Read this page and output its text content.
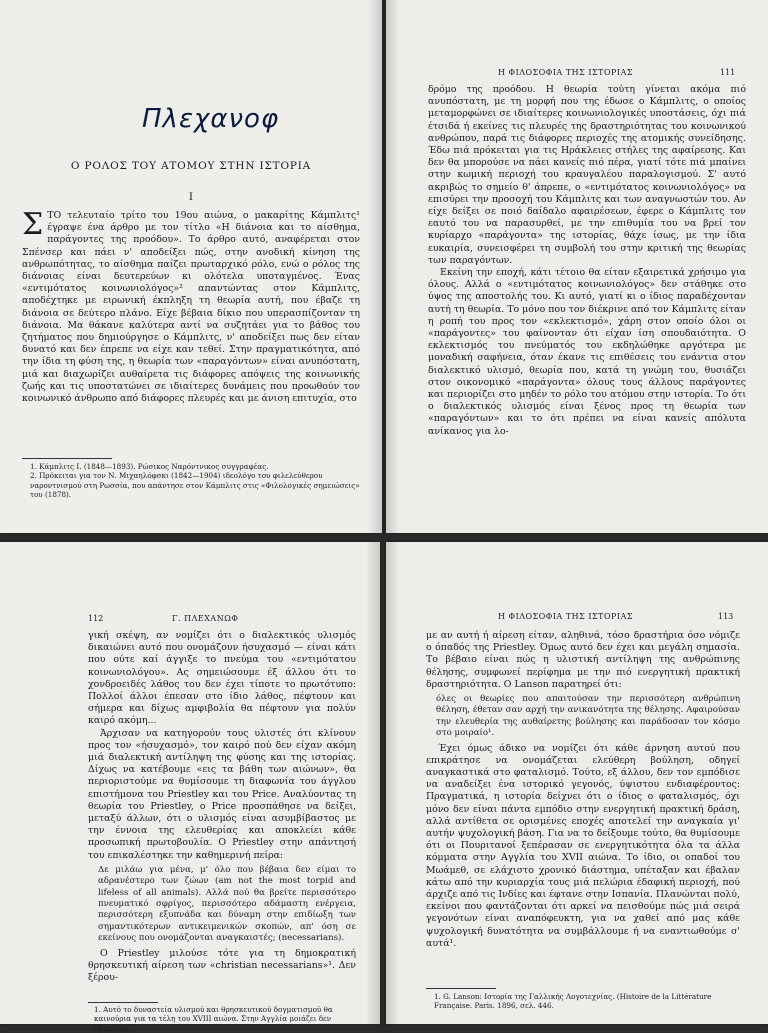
Πλεχανοφ
Ο ΡΟΛΟΣ ΤΟΥ ΑΤΟΜΟΥ ΣΤΗΝ ΙΣΤΟΡΙΑ
Ι

ΣΤΟ τελευταίο τρίτο του 19ου αιώνα, ο μακαρίτης Κάμπλιτς¹ έγραψε ένα άρθρο με τον τίτλο «Η διάνοια και το αίσθημα, παράγοντες της προόδου». Το άρθρο αυτό, αναφέρεται στον Σπένσερ και πάει ν' αποδείξει πώς, στην ανοδική κίνηση της ανθρωπότητας, το αίσθημα παίζει πρωταρχικό ρόλο, ενώ ο ρόλος της διάνοιας είναι δευτερεύων κι ολότελα υποταγμένος. Ένας «εντιμότατος κοινωνιολόγος»² απαντώντας στον Κάμπλιτς, αποδέχτηκε με ειρωνική έκπληξη τη θεωρία αυτή, που έβαζε τη διάνοια σε δεύτερο πλάνο. Είχε βέβαια δίκιο που υπερασπίζονταν τη διάνοια. Μα θάκανε καλύτερα αντί να συζητάει για το βάθος του ζητήματος που δημιούργησε ο Κάμπλιτς, ν' αποδείξει πως δεν είταν δυνατό και δεν έπρεπε να είχε καν τεθεί. Στην πραγματικότητα, από την ίδια τη φύση της, η θεωρία των «παραγόντων» είναι ανυπόστατη, μιά και διαχωρίζει αυθαίρετα τις διάφορες απόψεις της κοινωνικής ζωής και τις υποστατώνει σε ιδιαίτερες δυνάμεις που προωθούν τον κοινωνικό άνθρωπο από διάφορες πλευρές και με άνιση επιτυχία, στο

1. Κάμπλιτς Ι. (1848—1893). Ρώσικος Ναρόντνικος συγγραφέας.

2. Πρόκειται για τον Ν. Μιχαηλόφσκι (1842—1904) ιδεολόγο του φιλελεύθερου ναροντνισμού στη Ρωσσία, που απάντησε στον Κάμπλιτς στις «Φιλολογικές σημειώσεις» του (1878).

Η ΦΙΛΟΣΟΦΙΑ ΤΗΣ ΙΣΤΟΡΙΑΣ	111

δρόμο της προόδου. Η θεωρία τούτη γίνεται ακόμα πιό ανυπόστατη, με τη μορφή που της έδωσε ο Κάμπλιτς, ο οποίος μεταμορφώνει σε ιδιαίτερες κοινωνιολογικές υποστάσεις, όχι πιά έτσιδά ή εκείνες τις πλευρές της δραστηριότητας του κοινωνικού ανθρώπου, παρά τις διάφορες περιοχές της ατομικής συνείδησης. Έδω πιά πρόκειται για τις Ηράκλειες στήλες της αφαίρεσης. Και δεν θα μπορούσε να πάει κανείς πιό πέρα, γιατί τότε πιά μπαίνει στην κωμική περιοχή του κραυγαλέου παραλογισμού. Σ' αυτό ακριβώς το σημείο θ' άπρεπε, ο «εντιμότατος κοινωνιολόγος» να επισύρει την προσοχή του Κάμπλιτς και των αναγνωστών του. Αν είχε δείξει σε ποιό δαίδαλο αφαιρέσεων, έφερε ο Κάμπλιτς τον εαυτό του να παρασυρθεί, με την επιθυμία του να βρεί τον κυρίαρχο «παράγοντα» της ιστορίας, θάχε ίσως, με την ίδια ευκαιρία, συνεισφέρει τη συμβολή του στην κριτική της θεωρίας των παραγόντων.

Εκείνη την εποχή, κάτι τέτοιο θα είταν εξαιρετικά χρήσιμο για όλους. Αλλά ο «εντιμότατος κοινωνιολόγος» δεν στάθηκε στο ύψος της αποστολής του. Κι αυτό, γιατί κι ο ίδιος παραδέχονταν αυτή τη θεωρία. Το μόνο που τον διέκρινε από τον Κάμπλιτς είταν η ροπή του προς τον «εκλεκτισμό», χάρη στον οποίο όλοι οι «παράγοντες» του φαίνονταν ότι είχαν ίση σπουδαιότητα. Ο εκλεκτισμός του πνεύματός του εκδηλώθηκε αργότερα με μοναδική σαφήνεια, όταν έκανε τις επιθέσεις του ενάντια στον διαλεκτικό υλισμό, θεωρία που, κατά τη γνώμη του, θυσιάζει στον οικονομικό «παράγοντα» όλους τους άλλους παράγοντες και περιορίζει στο μηδέν το ρόλο του ατόμου στην ιστορία. Το ότι ο διαλεκτικός υλισμός είναι ξένος προς τη θεωρία των «παραγόντων» και το ότι πρέπει να είναι κανείς απόλυτα ανίκανος για λο-

112	Γ. ΠΛΕΧΑΝΩΦ

γική σκέψη, αν νομίζει ότι ο διαλεκτικός υλισμός δικαιώνει αυτό που ονομάζουν ήσυχασμό — είναι κάτι που ούτε καί άγγιξε το πνεύμα του «εντιμότατου κοινωνιολόγου». Ας σημειώσουμε έξ άλλου ότι το χονδροειδές λάθος του δεν έχει τίποτε το πρωτότυπο: Πολλοί άλλοι έπεσαν στο ίδιο λάθος, πέφτουν και σήμερα και δίχως αμφιβολία θα πέφτουν για πολύν καιρό ακόμη...

Άρχισαν να κατηγορούν τους υλιστές ότι κλίνουν προς τον «ήσυχασμό», τον καιρό πού δεν είχαν ακόμη μιά διαλεκτική αντίληψη της φύσης και της ιστορίας. Δίχως να κατέβουμε «εις τα βάθη των αιώνων», θα περιοριστούμε να θυμίσουμε τη διαφωνία του άγγλου επιστήμονα του Priestley και του Price. Αναλύοντας τη θεωρία του Priestley, ο Price προσπάθησε να δείξει, μεταξύ άλλων, ότι ο υλισμός είναι ασυμβίβαστος με την έννοια της ελευθερίας και αποκλείει κάθε προσωπική πρωτοβουλία. Ο Priestley στην απάντησή του επικαλέστηκε την καθημερινή πείρα:

Δε μιλάω για μένα, μ' όλο που βέβαια δεν είμαι το αδρανέστερο των ζώων (am not the most torpid and lifeless of all animals). Αλλά πού θα βρείτε περισσότερο πνευματικό σφρίγος, περισσότερο αδάμαστη ενέργεια, περισσότερη εξυπνάδα και δύναμη στην επιδίωξη των σημαντικότερων αντικειμενικών σκοπών, απ' όση σε εκείνους που ονομάζονται αναγκαιστές; (necessarians).

Ο Priestley μιλούσε τότε για τη δημοκρατική θρησκευτική αίρεση των «christian necessarians»¹. Δεν ξέρου-

1. Αυτό το δυναστεία υλισμού και θρησκευτικού δογματισμού θα καινούρια για τα τέλη του XVIII αιώνα. Στην Αγγλία μοιάζει δεν εξακόλου...

Η ΦΙΛΟΣΟΦΙΑ ΤΗΣ ΙΣΤΟΡΙΑΣ	113

με αν αυτή ή αίρεση είταν, αληθινά, τόσο δραστήρια όσο νόμιζε ο όπαδός της Priestley. Όμως αυτό δεν έχει και μεγάλη σημασία. Το βέβαιο είναι πώς η υλιστική αντίληψη της ανθρώπινης θέλησης, συμφωνεί περίφημα με την πιό ενεργητική πρακτική δραστηριότητα. Ο Lanson παρατηρεί ότι:

όλες οι θεωρίες που απαιτούσαν την περισσότερη ανθρώπινη θέληση, έθεταν σαν αρχή την ανικανότητα της θέλησης. Αφαιρούσαν την ελευθερία της αυθαίρετης βούλησης και παράδοσαν τον κόσμο στο μοιραίο¹.

Έχει όμως άδικο να νομίζει ότι κάθε άρνηση αυτού που επικράτησε να ονομάζεται ελεύθερη βούληση, οδηγεί αναγκαστικά στο φαταλισμό. Τούτο, εξ άλλου, δεν τον εμπόδισε να αναδείξει ένα ιστορικό γεγονός, ύψιστου ενδιαφέροντος: Πραγματικά, η ιστορία δείχνει ότι ο ίδιος ο φαταλισμός, όχι μόνο δεν είναι πάντα εμπόδιο στην ενεργητική πρακτική δράση, αλλά αντίθετα σε ορισμένες εποχές αποτελεί την αναγκαία γι' αυτήν ψυχολογική βάση. Για να το δείξουμε τούτο, θα θυμίσουμε ότι οι Πουριτανοί ξεπέρασαν σε ενεργητικότητα όλα τα άλλα κόμματα στην Αγγλία του XVII αιώνα. Το ίδιο, οι οπαδοί του Μωάμεθ, σε ελάχιστο χρονικό διάστημα, υπέταξαν και έβαλαν κάτω από την κυριαρχία τους μιά πελώρια έδαφική περιοχή, πού άρχιζε από τις Ινδίες και έφτανε στην Ισπανία. Πλανώνται πολύ, εκείνοι που φαντάζονται ότι αρκεί να πεισθούμε πώς μιά σειρά γεγονότων είναι αναπόφευκτη, για να χαθεί από μας κάθε ψυχολογική δυνατότητα να συμβάλλουμε ή να εναντιωθούμε σ' αυτά¹.

1. G. Lanson: Ιστορία της Γαλλικής Λογοτεχνίας. (Histoire de la Littérature Française. Paris. 1896, σελ. 446.
